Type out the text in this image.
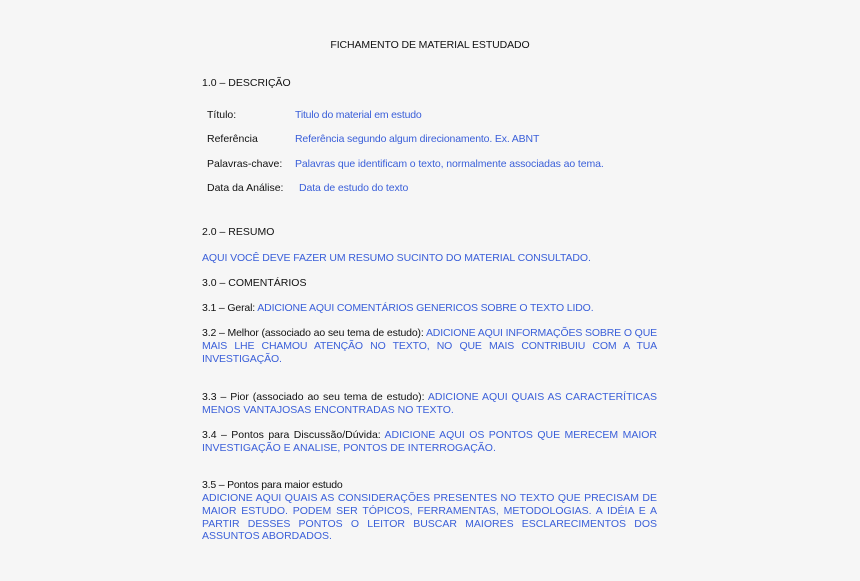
FICHAMENTO DE MATERIAL ESTUDADO
1.0 – DESCRIÇÃO
Título:	Titulo do material em estudo
Referência	Referência segundo algum direcionamento. Ex. ABNT
Palavras-chave: Palavras que identificam o texto, normalmente associadas ao tema.
Data da Análise: Data de estudo do texto
2.0 – RESUMO
AQUI VOCÊ DEVE FAZER UM RESUMO SUCINTO DO MATERIAL CONSULTADO.
3.0 – COMENTÁRIOS
3.1 – Geral: ADICIONE AQUI COMENTÁRIOS GENERICOS SOBRE O TEXTO LIDO.
3.2 – Melhor (associado ao seu tema de estudo): ADICIONE AQUI INFORMAÇÕES SOBRE O QUE MAIS LHE CHAMOU ATENÇÃO NO TEXTO, NO QUE MAIS CONTRIBUIU COM A TUA INVESTIGAÇÃO.
3.3 – Pior (associado ao seu tema de estudo): ADICIONE AQUI QUAIS AS CARACTERÍTICAS MENOS VANTAJOSAS ENCONTRADAS NO TEXTO.
3.4 – Pontos para Discussão/Dúvida: ADICIONE AQUI OS PONTOS QUE MERECEM MAIOR INVESTIGAÇÃO E ANALISE, PONTOS DE INTERROGAÇÃO.
3.5 – Pontos para maior estudo
ADICIONE AQUI QUAIS AS CONSIDERAÇÕES PRESENTES NO TEXTO QUE PRECISAM DE MAIOR ESTUDO. PODEM SER TÓPICOS, FERRAMENTAS, METODOLOGIAS. A IDÉIA E A PARTIR DESSES PONTOS O LEITOR BUSCAR MAIORES ESCLARECIMENTOS DOS ASSUNTOS ABORDADOS.
